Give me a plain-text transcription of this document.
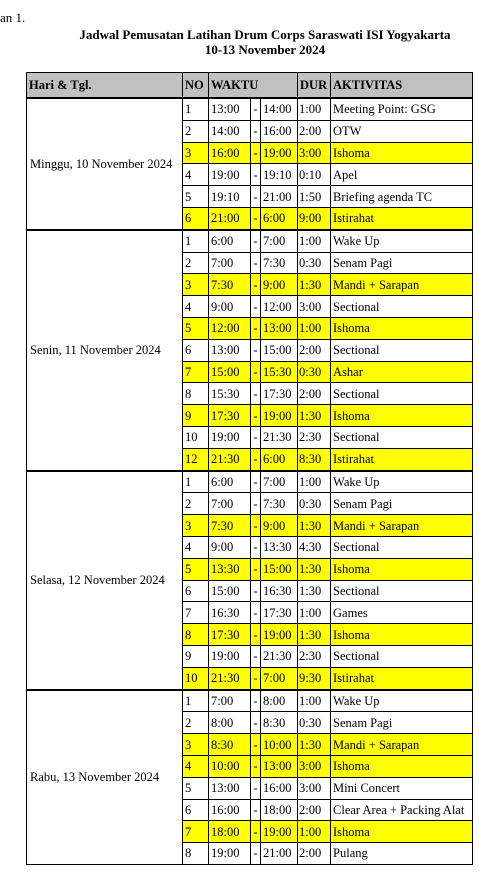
an 1.
Jadwal Pemusatan Latihan Drum Corps Saraswati ISI Yogyakarta
10-13 November 2024
Hari & Tgl.	NO	WAKTU			DUR	AKTIVITAS
Minggu, 10 November 2024	1	13:00	-	14:00	1:00	Meeting Point: GSG
	2	14:00	-	16:00	2:00	OTW
	3	16:00	-	19:00	3:00	Ishoma
	4	19:00	-	19:10	0:10	Apel
	5	19:10	-	21:00	1:50	Briefing agenda TC
	6	21:00	-	6:00	9:00	Istirahat
Senin, 11 November 2024	1	6:00	-	7:00	1:00	Wake Up
	2	7:00	-	7:30	0:30	Senam Pagi
	3	7:30	-	9:00	1:30	Mandi + Sarapan
	4	9:00	-	12:00	3:00	Sectional
	5	12:00	-	13:00	1:00	Ishoma
	6	13:00	-	15:00	2:00	Sectional
	7	15:00	-	15:30	0:30	Ashar
	8	15:30	-	17:30	2:00	Sectional
	9	17:30	-	19:00	1:30	Ishoma
	10	19:00	-	21:30	2:30	Sectional
	12	21:30	-	6:00	8:30	Istirahat
Selasa, 12 November 2024	1	6:00	-	7:00	1:00	Wake Up
	2	7:00	-	7:30	0:30	Senam Pagi
	3	7:30	-	9:00	1:30	Mandi + Sarapan
	4	9:00	-	13:30	4:30	Sectional
	5	13:30	-	15:00	1:30	Ishoma
	6	15:00	-	16:30	1:30	Sectional
	7	16:30	-	17:30	1:00	Games
	8	17:30	-	19:00	1:30	Ishoma
	9	19:00	-	21:30	2:30	Sectional
	10	21:30	-	7:00	9:30	Istirahat
Rabu, 13 November 2024	1	7:00	-	8:00	1:00	Wake Up
	2	8:00	-	8:30	0:30	Senam Pagi
	3	8:30	-	10:00	1:30	Mandi + Sarapan
	4	10:00	-	13:00	3:00	Ishoma
	5	13:00	-	16:00	3:00	Mini Concert
	6	16:00	-	18:00	2:00	Clear Area + Packing Alat
	7	18:00	-	19:00	1:00	Ishoma
	8	19:00	-	21:00	2:00	Pulang
